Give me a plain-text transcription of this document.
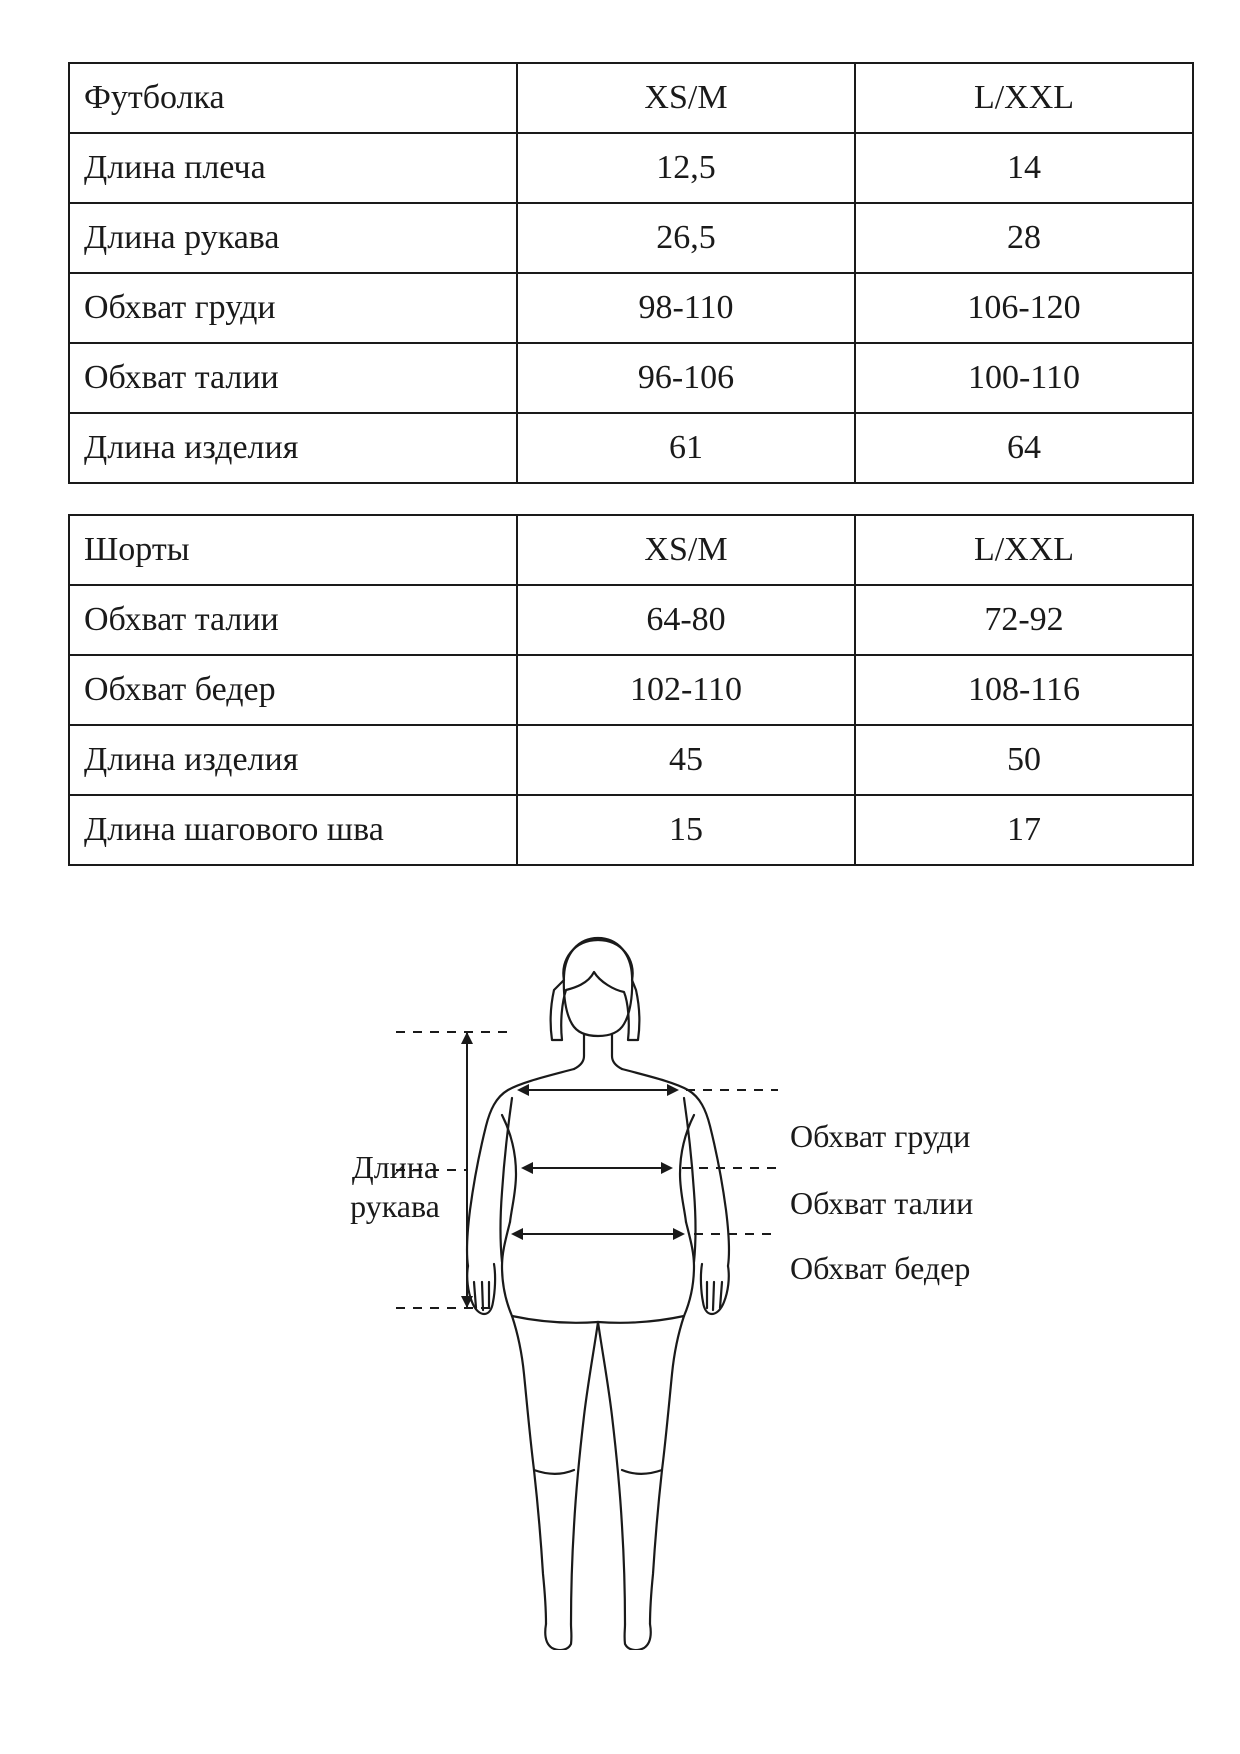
Футболка	XS/M	L/XXL
Длина плеча	12,5	14
Длина рукава	26,5	28
Обхват груди	98-110	106-120
Обхват талии	96-106	100-110
Длина изделия	61	64
Шорты	XS/M	L/XXL
Обхват талии	64-80	72-92
Обхват бедер	102-110	108-116
Длина изделия	45	50
Длина шагового шва	15	17
Длина
рукава
Обхват груди
Обхват талии
Обхват бедер
